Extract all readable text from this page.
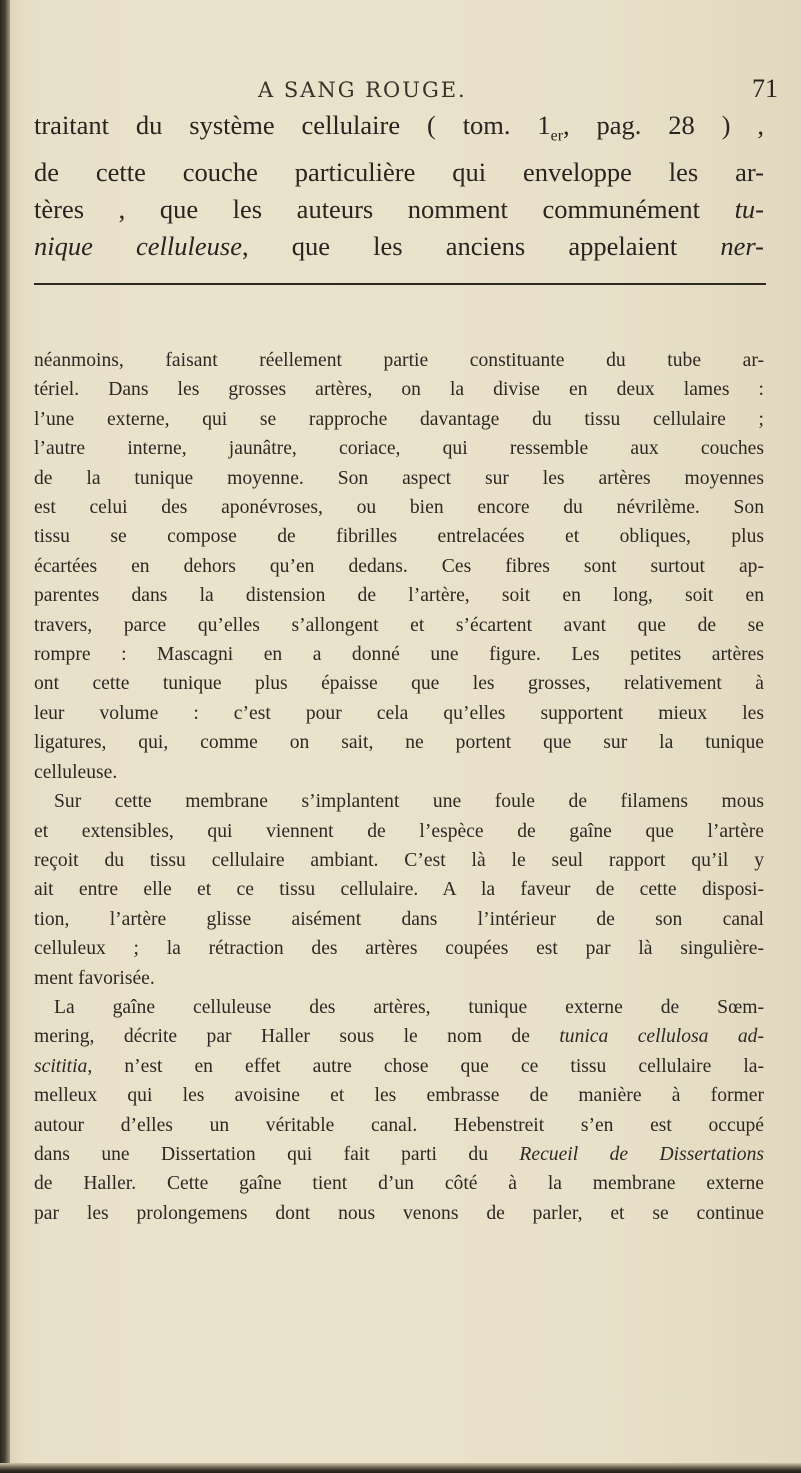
A SANG ROUGE.	71
traitant du système cellulaire ( tom. $1_{er}$, pag. 28 ) ,
de cette couche particulière qui enveloppe les ar-
tères , que les auteurs nomment communément tu-
nique celluleuse, que les anciens appelaient ner-
néanmoins, faisant réellement partie constituante du tube ar-
tériel. Dans les grosses artères, on la divise en deux lames :
l’une externe, qui se rapproche davantage du tissu cellulaire ;
l’autre interne, jaunâtre, coriace, qui ressemble aux couches
de la tunique moyenne. Son aspect sur les artères moyennes
est celui des aponévroses, ou bien encore du névrilème. Son
tissu se compose de fibrilles entrelacées et obliques, plus
écartées en dehors qu’en dedans. Ces fibres sont surtout ap-
parentes dans la distension de l’artère, soit en long, soit en
travers, parce qu’elles s’allongent et s’écartent avant que de se
rompre : Mascagni en a donné une figure. Les petites artères
ont cette tunique plus épaisse que les grosses, relativement à
leur volume : c’est pour cela qu’elles supportent mieux les
ligatures, qui, comme on sait, ne portent que sur la tunique
celluleuse.
Sur cette membrane s’implantent une foule de filamens mous
et extensibles, qui viennent de l’espèce de gaîne que l’artère
reçoit du tissu cellulaire ambiant. C’est là le seul rapport qu’il y
ait entre elle et ce tissu cellulaire. A la faveur de cette disposi-
tion, l’artère glisse aisément dans l’intérieur de son canal
celluleux ; la rétraction des artères coupées est par là singulière-
ment favorisée.
La gaîne celluleuse des artères, tunique externe de Sœm-
mering, décrite par Haller sous le nom de tunica cellulosa ad-
scititia, n’est en effet autre chose que ce tissu cellulaire la-
melleux qui les avoisine et les embrasse de manière à former
autour d’elles un véritable canal. Hebenstreit s’en est occupé
dans une Dissertation qui fait parti du Recueil de Dissertations
de Haller. Cette gaîne tient d’un côté à la membrane externe
par les prolongemens dont nous venons de parler, et se continue
